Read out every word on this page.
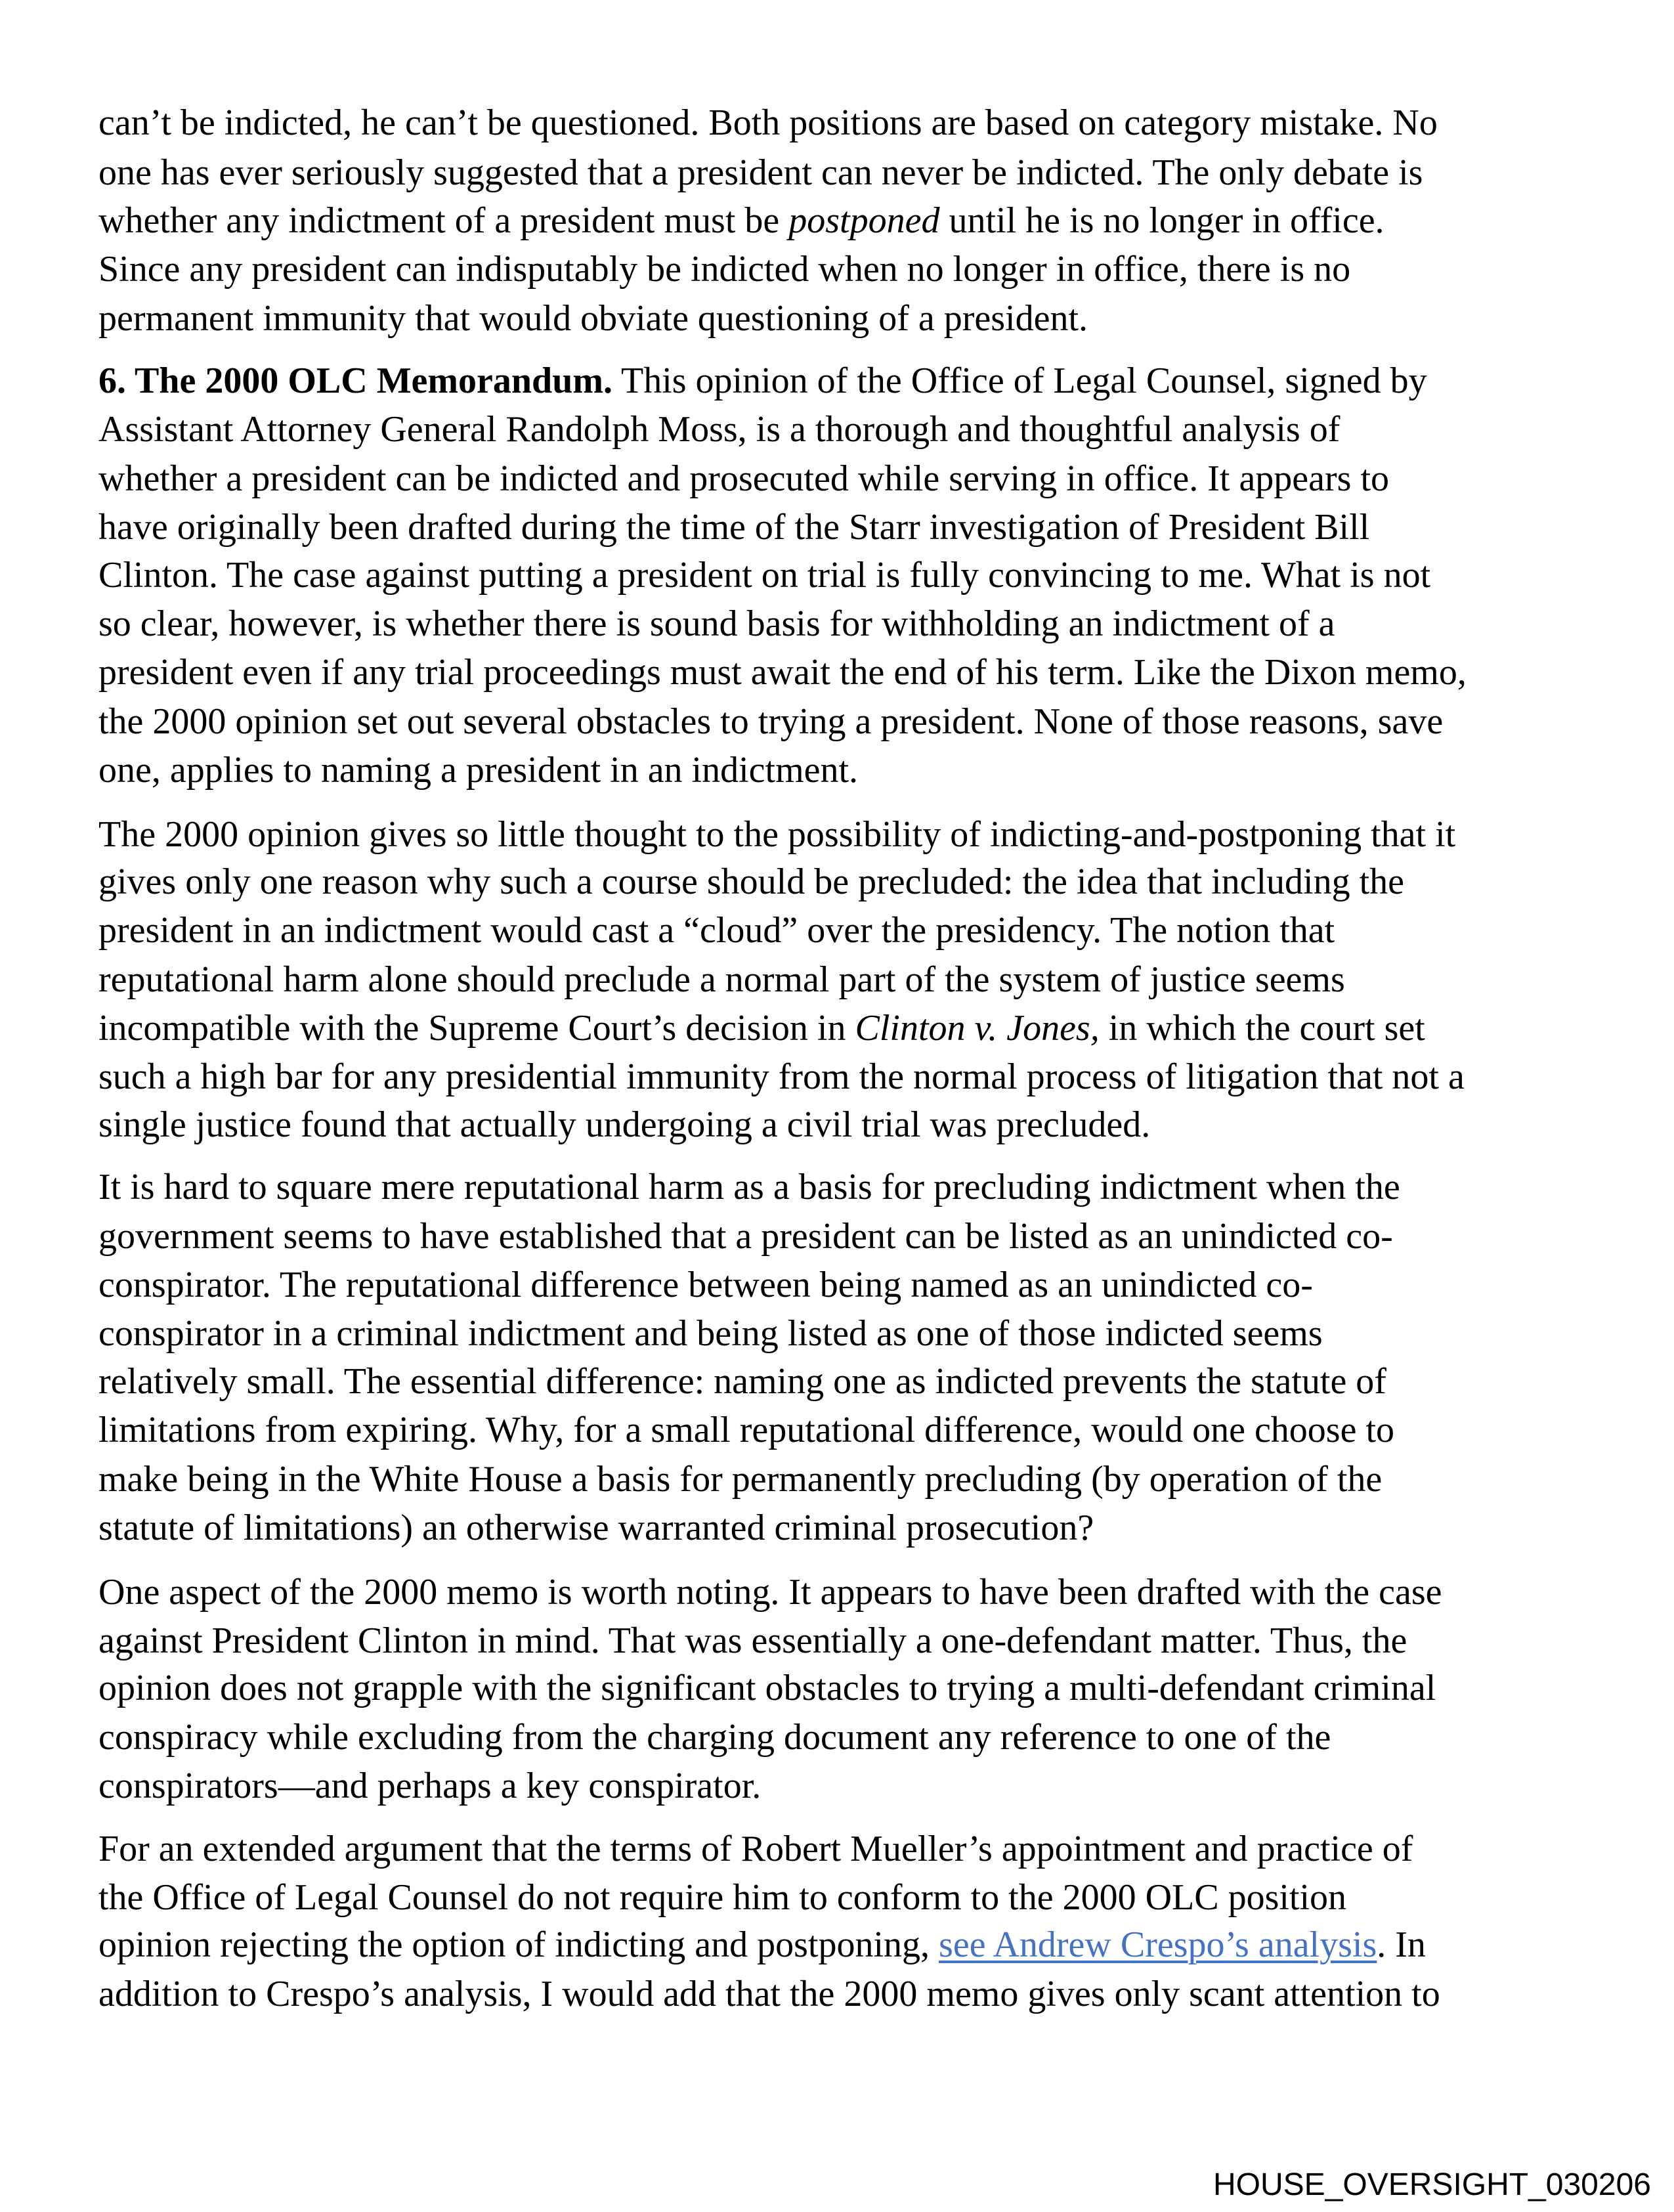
can’t be indicted, he can’t be questioned. Both positions are based on category mistake. No
one has ever seriously suggested that a president can never be indicted. The only debate is
whether any indictment of a president must be postponed until he is no longer in office.
Since any president can indisputably be indicted when no longer in office, there is no
permanent immunity that would obviate questioning of a president.
6. The 2000 OLC Memorandum. This opinion of the Office of Legal Counsel, signed by
Assistant Attorney General Randolph Moss, is a thorough and thoughtful analysis of
whether a president can be indicted and prosecuted while serving in office. It appears to
have originally been drafted during the time of the Starr investigation of President Bill
Clinton. The case against putting a president on trial is fully convincing to me. What is not
so clear, however, is whether there is sound basis for withholding an indictment of a
president even if any trial proceedings must await the end of his term. Like the Dixon memo,
the 2000 opinion set out several obstacles to trying a president. None of those reasons, save
one, applies to naming a president in an indictment.
The 2000 opinion gives so little thought to the possibility of indicting-and-postponing that it
gives only one reason why such a course should be precluded: the idea that including the
president in an indictment would cast a “cloud” over the presidency. The notion that
reputational harm alone should preclude a normal part of the system of justice seems
incompatible with the Supreme Court’s decision in Clinton v. Jones, in which the court set
such a high bar for any presidential immunity from the normal process of litigation that not a
single justice found that actually undergoing a civil trial was precluded.
It is hard to square mere reputational harm as a basis for precluding indictment when the
government seems to have established that a president can be listed as an unindicted co-
conspirator. The reputational difference between being named as an unindicted co-
conspirator in a criminal indictment and being listed as one of those indicted seems
relatively small. The essential difference: naming one as indicted prevents the statute of
limitations from expiring. Why, for a small reputational difference, would one choose to
make being in the White House a basis for permanently precluding (by operation of the
statute of limitations) an otherwise warranted criminal prosecution?
One aspect of the 2000 memo is worth noting. It appears to have been drafted with the case
against President Clinton in mind. That was essentially a one-defendant matter. Thus, the
opinion does not grapple with the significant obstacles to trying a multi-defendant criminal
conspiracy while excluding from the charging document any reference to one of the
conspirators—and perhaps a key conspirator.
For an extended argument that the terms of Robert Mueller’s appointment and practice of
the Office of Legal Counsel do not require him to conform to the 2000 OLC position
opinion rejecting the option of indicting and postponing, see Andrew Crespo’s analysis. In
addition to Crespo’s analysis, I would add that the 2000 memo gives only scant attention to
HOUSE_OVERSIGHT_030206
